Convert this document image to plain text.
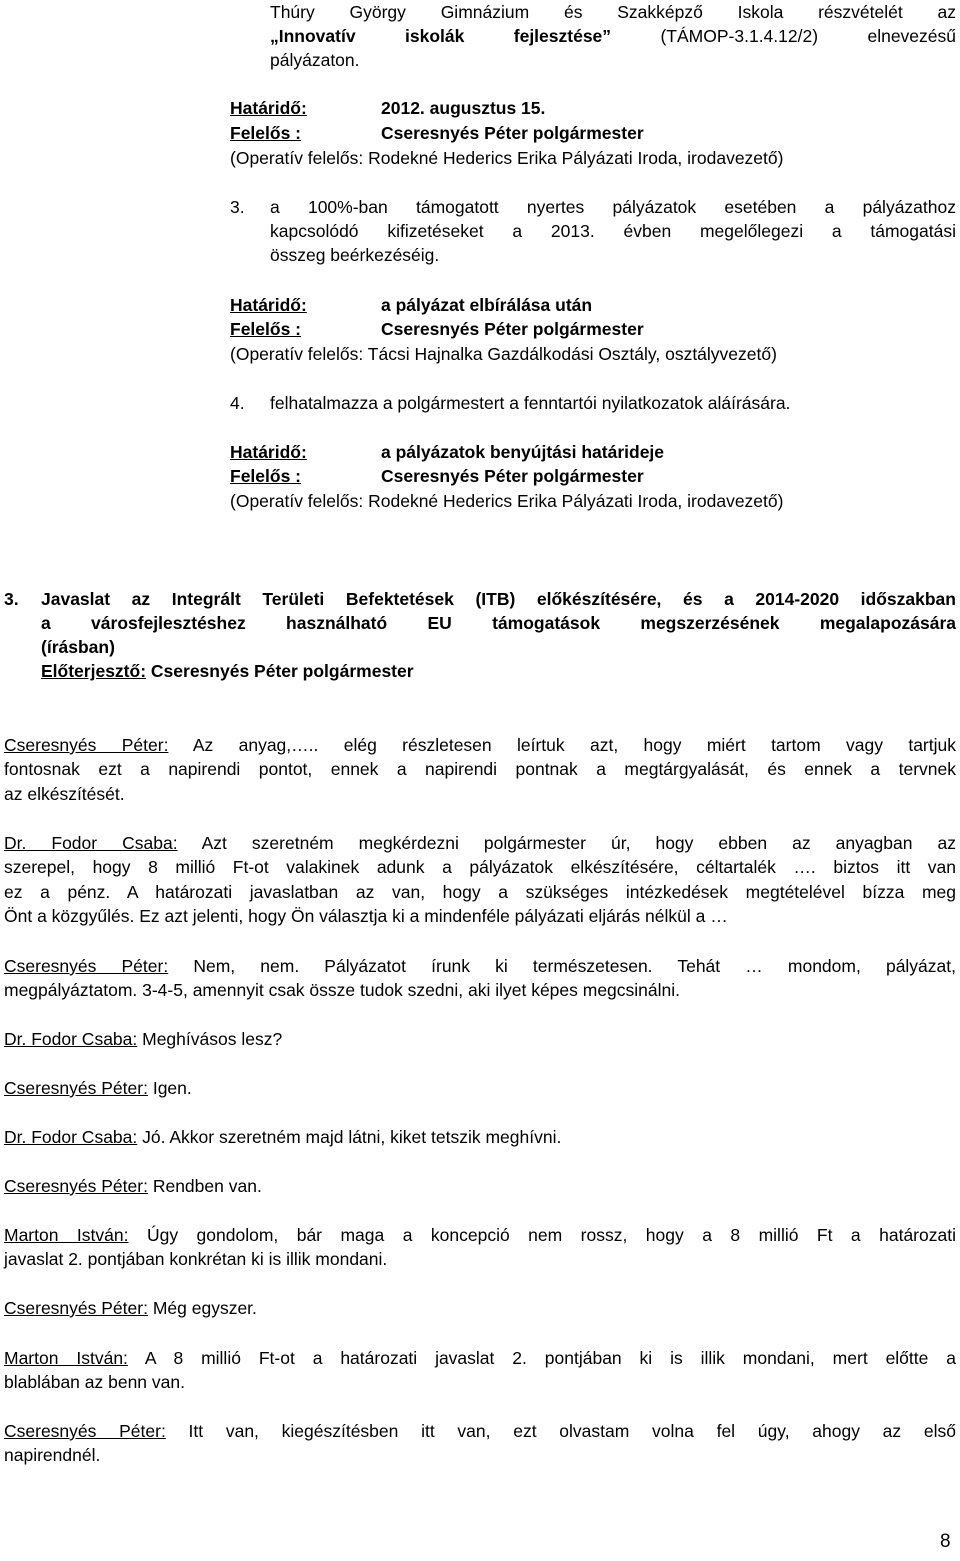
Thúry György Gimnázium és Szakképző Iskola részvételét az
„Innovatív iskolák fejlesztése”	(TÁMOP-3.1.4.12/2) elnevezésű
pályázaton.
Határidő:	2012. augusztus 15.
Felelős :	Cseresnyés Péter polgármester
(Operatív felelős: Rodekné Hederics Erika Pályázati Iroda, irodavezető)
3. a 100%-ban támogatott nyertes pályázatok esetében a pályázathoz
kapcsolódó kifizetéseket a 2013. évben megelőlegezi a támogatási
összeg beérkezéséig.
Határidő:	a pályázat elbírálása után
Felelős :	Cseresnyés Péter polgármester
(Operatív felelős: Tácsi Hajnalka Gazdálkodási Osztály, osztályvezető)
4. felhatalmazza a polgármestert a fenntartói nyilatkozatok aláírására.
Határidő:	a pályázatok benyújtási határideje
Felelős :	Cseresnyés Péter polgármester
(Operatív felelős: Rodekné Hederics Erika Pályázati Iroda, irodavezető)
3. Javaslat az Integrált Területi Befektetések (ITB) előkészítésére, és a 2014-2020 időszakban
a városfejlesztéshez használható EU támogatások megszerzésének megalapozására
(írásban)
Előterjesztő: Cseresnyés Péter polgármester
Cseresnyés Péter: Az anyag,….. elég részletesen leírtuk azt, hogy miért tartom vagy tartjuk
fontosnak ezt a napirendi pontot, ennek a napirendi pontnak a megtárgyalását, és ennek a tervnek
az elkészítését.
Dr. Fodor Csaba: Azt szeretném megkérdezni polgármester úr, hogy ebben az anyagban az
szerepel, hogy 8 millió Ft-ot valakinek adunk a pályázatok elkészítésére, céltartalék …. biztos itt van
ez a pénz. A határozati javaslatban az van, hogy a szükséges intézkedések megtételével bízza meg
Önt a közgyűlés. Ez azt jelenti, hogy Ön választja ki a mindenféle pályázati eljárás nélkül a …
Cseresnyés Péter: Nem, nem. Pályázatot írunk ki természetesen. Tehát … mondom, pályázat,
megpályáztatom. 3-4-5, amennyit csak össze tudok szedni, aki ilyet képes megcsinálni.
Dr. Fodor Csaba: Meghívásos lesz?
Cseresnyés Péter: Igen.
Dr. Fodor Csaba: Jó. Akkor szeretném majd látni, kiket tetszik meghívni.
Cseresnyés Péter: Rendben van.
Marton István: Úgy gondolom, bár maga a koncepció nem rossz, hogy a 8 millió Ft a határozati
javaslat 2. pontjában konkrétan ki is illik mondani.
Cseresnyés Péter: Még egyszer.
Marton István: A 8 millió Ft-ot a határozati javaslat 2. pontjában ki is illik mondani, mert előtte a
blablában az benn van.
Cseresnyés Péter: Itt van, kiegészítésben itt van, ezt olvastam volna fel úgy, ahogy az első
napirendnél.
8
